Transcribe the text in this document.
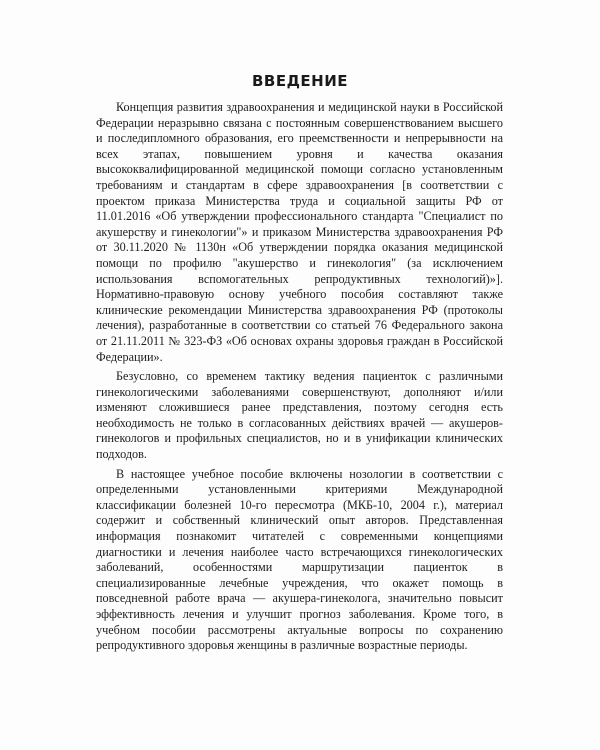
ВВЕДЕНИЕ

Концепция развития здравоохранения и медицинской науки в Российской Федерации неразрывно связана с постоянным совершенствованием высшего и последипломного образования, его преемственности и непрерывности на всех этапах, повышением уровня и качества оказания высококвалифицированной медицинской помощи согласно установленным требованиям и стандартам в сфере здравоохранения [в соответствии с проектом приказа Министерства труда и социальной защиты РФ от 11.01.2016 «Об утверждении профессионального стандарта "Специалист по акушерству и гинекологии"» и приказом Министерства здравоохранения РФ от 30.11.2020 № 1130н «Об утверждении порядка оказания медицинской помощи по профилю "акушерство и гинекология" (за исключением использования вспомогательных репродуктивных технологий)»]. Нормативно-правовую основу учебного пособия составляют также клинические рекомендации Министерства здравоохранения РФ (протоколы лечения), разработанные в соответствии со статьей 76 Федерального закона от 21.11.2011 № 323-ФЗ «Об основах охраны здоровья граждан в Российской Федерации».

Безусловно, со временем тактику ведения пациенток с различными гинекологическими заболеваниями совершенствуют, дополняют и/или изменяют сложившиеся ранее представления, поэтому сегодня есть необходимость не только в согласованных действиях врачей — акушеров-гинекологов и профильных специалистов, но и в унификации клинических подходов.

В настоящее учебное пособие включены нозологии в соответствии с определенными установленными критериями Международной классификации болезней 10-го пересмотра (МКБ-10, 2004 г.), материал содержит и собственный клинический опыт авторов. Представленная информация познакомит читателей с современными концепциями диагностики и лечения наиболее часто встречающихся гинекологических заболеваний, особенностями маршрутизации пациенток в специализированные лечебные учреждения, что окажет помощь в повседневной работе врача — акушера-гинеколога, значительно повысит эффективность лечения и улучшит прогноз заболевания. Кроме того, в учебном пособии рассмотрены актуальные вопросы по сохранению репродуктивного здоровья женщины в различные возрастные периоды.
